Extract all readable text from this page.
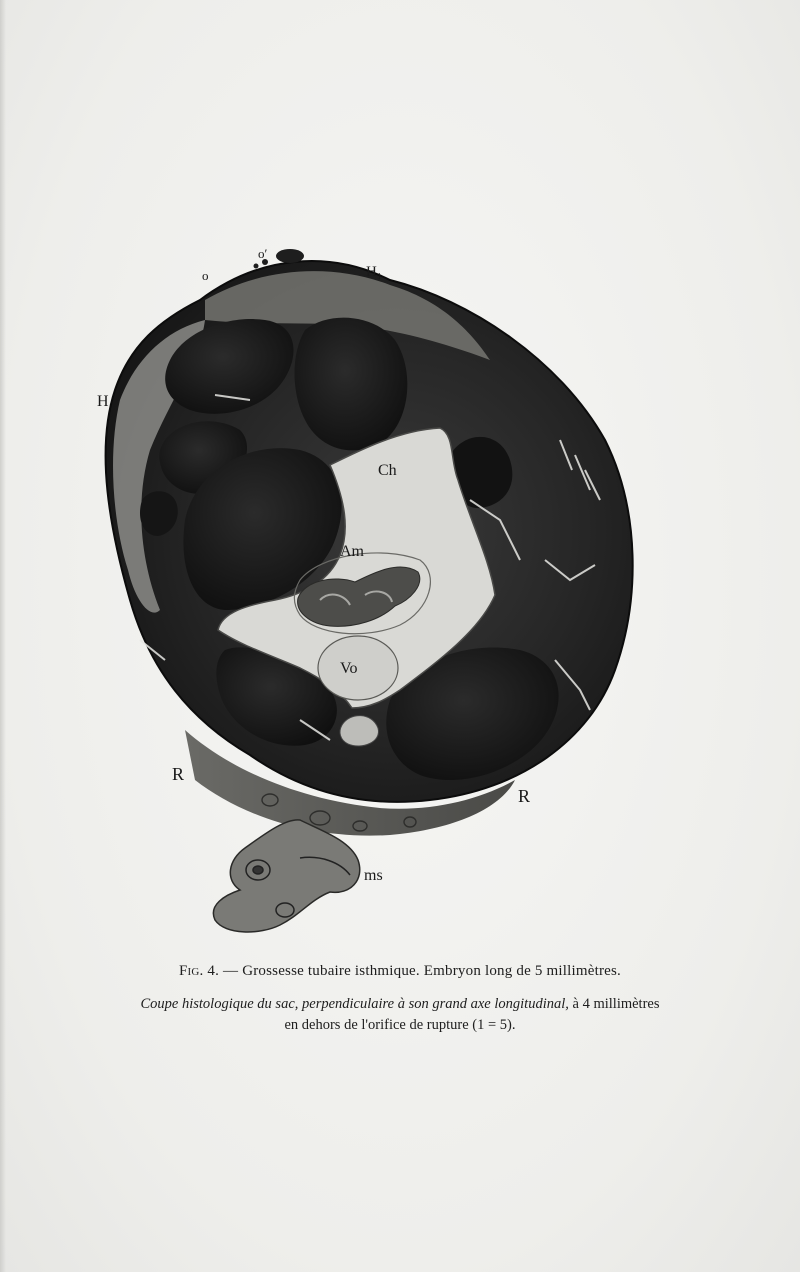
o
o′
H₁
H
Ch
Am
Vo
R
R
ms
Fig. 4. — Grossesse tubaire isthmique. Embryon long de 5 millimètres.
Coupe histologique du sac, perpendiculaire à son grand axe longitudinal, à 4 millimètres
en dehors de l'orifice de rupture (1 = 5).
